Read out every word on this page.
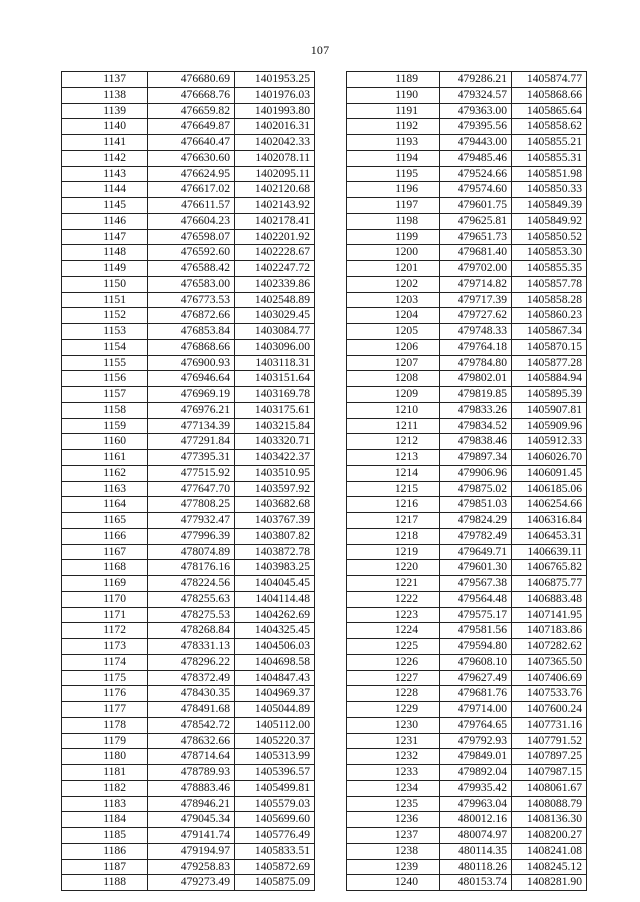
107
1137	476680.69	1401953.25
1138	476668.76	1401976.03
1139	476659.82	1401993.80
1140	476649.87	1402016.31
1141	476640.47	1402042.33
1142	476630.60	1402078.11
1143	476624.95	1402095.11
1144	476617.02	1402120.68
1145	476611.57	1402143.92
1146	476604.23	1402178.41
1147	476598.07	1402201.92
1148	476592.60	1402228.67
1149	476588.42	1402247.72
1150	476583.00	1402339.86
1151	476773.53	1402548.89
1152	476872.66	1403029.45
1153	476853.84	1403084.77
1154	476868.66	1403096.00
1155	476900.93	1403118.31
1156	476946.64	1403151.64
1157	476969.19	1403169.78
1158	476976.21	1403175.61
1159	477134.39	1403215.84
1160	477291.84	1403320.71
1161	477395.31	1403422.37
1162	477515.92	1403510.95
1163	477647.70	1403597.92
1164	477808.25	1403682.68
1165	477932.47	1403767.39
1166	477996.39	1403807.82
1167	478074.89	1403872.78
1168	478176.16	1403983.25
1169	478224.56	1404045.45
1170	478255.63	1404114.48
1171	478275.53	1404262.69
1172	478268.84	1404325.45
1173	478331.13	1404506.03
1174	478296.22	1404698.58
1175	478372.49	1404847.43
1176	478430.35	1404969.37
1177	478491.68	1405044.89
1178	478542.72	1405112.00
1179	478632.66	1405220.37
1180	478714.64	1405313.99
1181	478789.93	1405396.57
1182	478883.46	1405499.81
1183	478946.21	1405579.03
1184	479045.34	1405699.60
1185	479141.74	1405776.49
1186	479194.97	1405833.51
1187	479258.83	1405872.69
1188	479273.49	1405875.09
1189	479286.21	1405874.77
1190	479324.57	1405868.66
1191	479363.00	1405865.64
1192	479395.56	1405858.62
1193	479443.00	1405855.21
1194	479485.46	1405855.31
1195	479524.66	1405851.98
1196	479574.60	1405850.33
1197	479601.75	1405849.39
1198	479625.81	1405849.92
1199	479651.73	1405850.52
1200	479681.40	1405853.30
1201	479702.00	1405855.35
1202	479714.82	1405857.78
1203	479717.39	1405858.28
1204	479727.62	1405860.23
1205	479748.33	1405867.34
1206	479764.18	1405870.15
1207	479784.80	1405877.28
1208	479802.01	1405884.94
1209	479819.85	1405895.39
1210	479833.26	1405907.81
1211	479834.52	1405909.96
1212	479838.46	1405912.33
1213	479897.34	1406026.70
1214	479906.96	1406091.45
1215	479875.02	1406185.06
1216	479851.03	1406254.66
1217	479824.29	1406316.84
1218	479782.49	1406453.31
1219	479649.71	1406639.11
1220	479601.30	1406765.82
1221	479567.38	1406875.77
1222	479564.48	1406883.48
1223	479575.17	1407141.95
1224	479581.56	1407183.86
1225	479594.80	1407282.62
1226	479608.10	1407365.50
1227	479627.49	1407406.69
1228	479681.76	1407533.76
1229	479714.00	1407600.24
1230	479764.65	1407731.16
1231	479792.93	1407791.52
1232	479849.01	1407897.25
1233	479892.04	1407987.15
1234	479935.42	1408061.67
1235	479963.04	1408088.79
1236	480012.16	1408136.30
1237	480074.97	1408200.27
1238	480114.35	1408241.08
1239	480118.26	1408245.12
1240	480153.74	1408281.90
